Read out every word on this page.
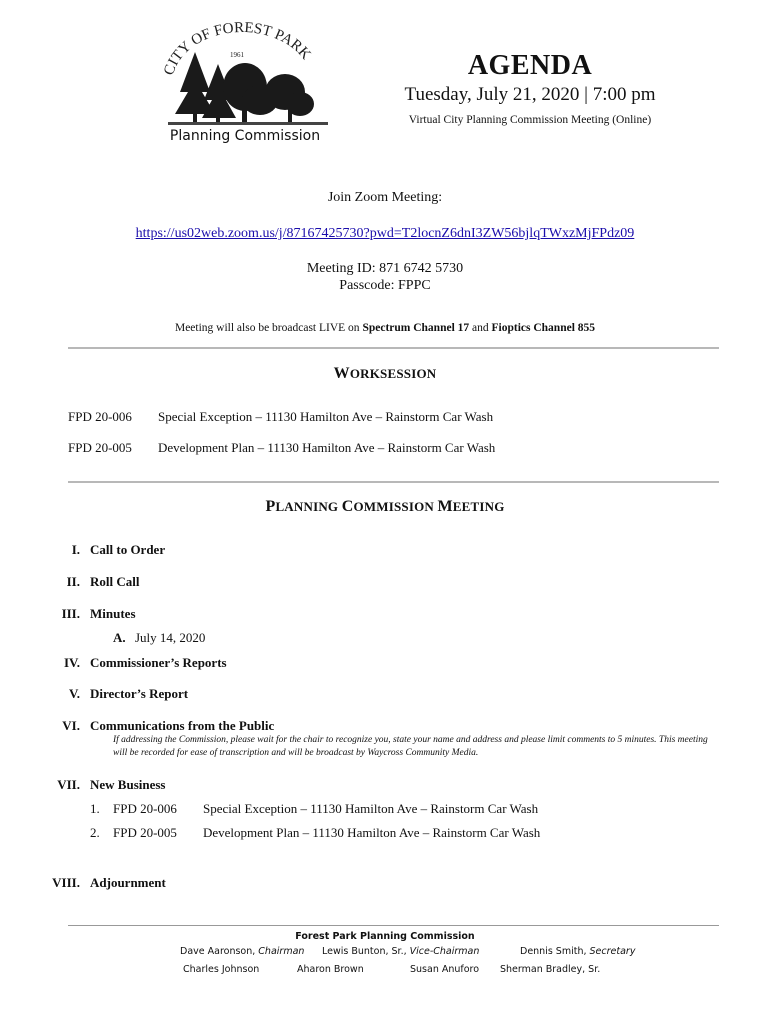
CITY OF FOREST PARK
1961
Planning Commission
AGENDA
Tuesday, July 21, 2020 | 7:00 pm
Virtual City Planning Commission Meeting (Online)
Join Zoom Meeting:
https://us02web.zoom.us/j/87167425730?pwd=T2locnZ6dnI3ZW56bjlqTWxzMjFPdz09
Meeting ID: 871 6742 5730
Passcode: FPPC
Meeting will also be broadcast LIVE on Spectrum Channel 17 and Fioptics Channel 855
WORKSESSION
FPD 20-006 Special Exception – 11130 Hamilton Ave – Rainstorm Car Wash
FPD 20-005 Development Plan – 11130 Hamilton Ave – Rainstorm Car Wash
PLANNING COMMISSION MEETING
I. Call to Order
II. Roll Call
III. Minutes
A. July 14, 2020
IV. Commissioner’s Reports
V. Director’s Report
VI. Communications from the Public
If addressing the Commission, please wait for the chair to recognize you, state your name and address and please limit comments to 5 minutes. This meeting will be recorded for ease of transcription and will be broadcast by Waycross Community Media.
VII. New Business
1. FPD 20-006 Special Exception – 11130 Hamilton Ave – Rainstorm Car Wash
2. FPD 20-005 Development Plan – 11130 Hamilton Ave – Rainstorm Car Wash
VIII. Adjournment
Forest Park Planning Commission
Dave Aaronson, Chairman Lewis Bunton, Sr., Vice-Chairman	Dennis Smith, Secretary
Charles Johnson	Aharon Brown	Susan Anuforo Sherman Bradley, Sr.
